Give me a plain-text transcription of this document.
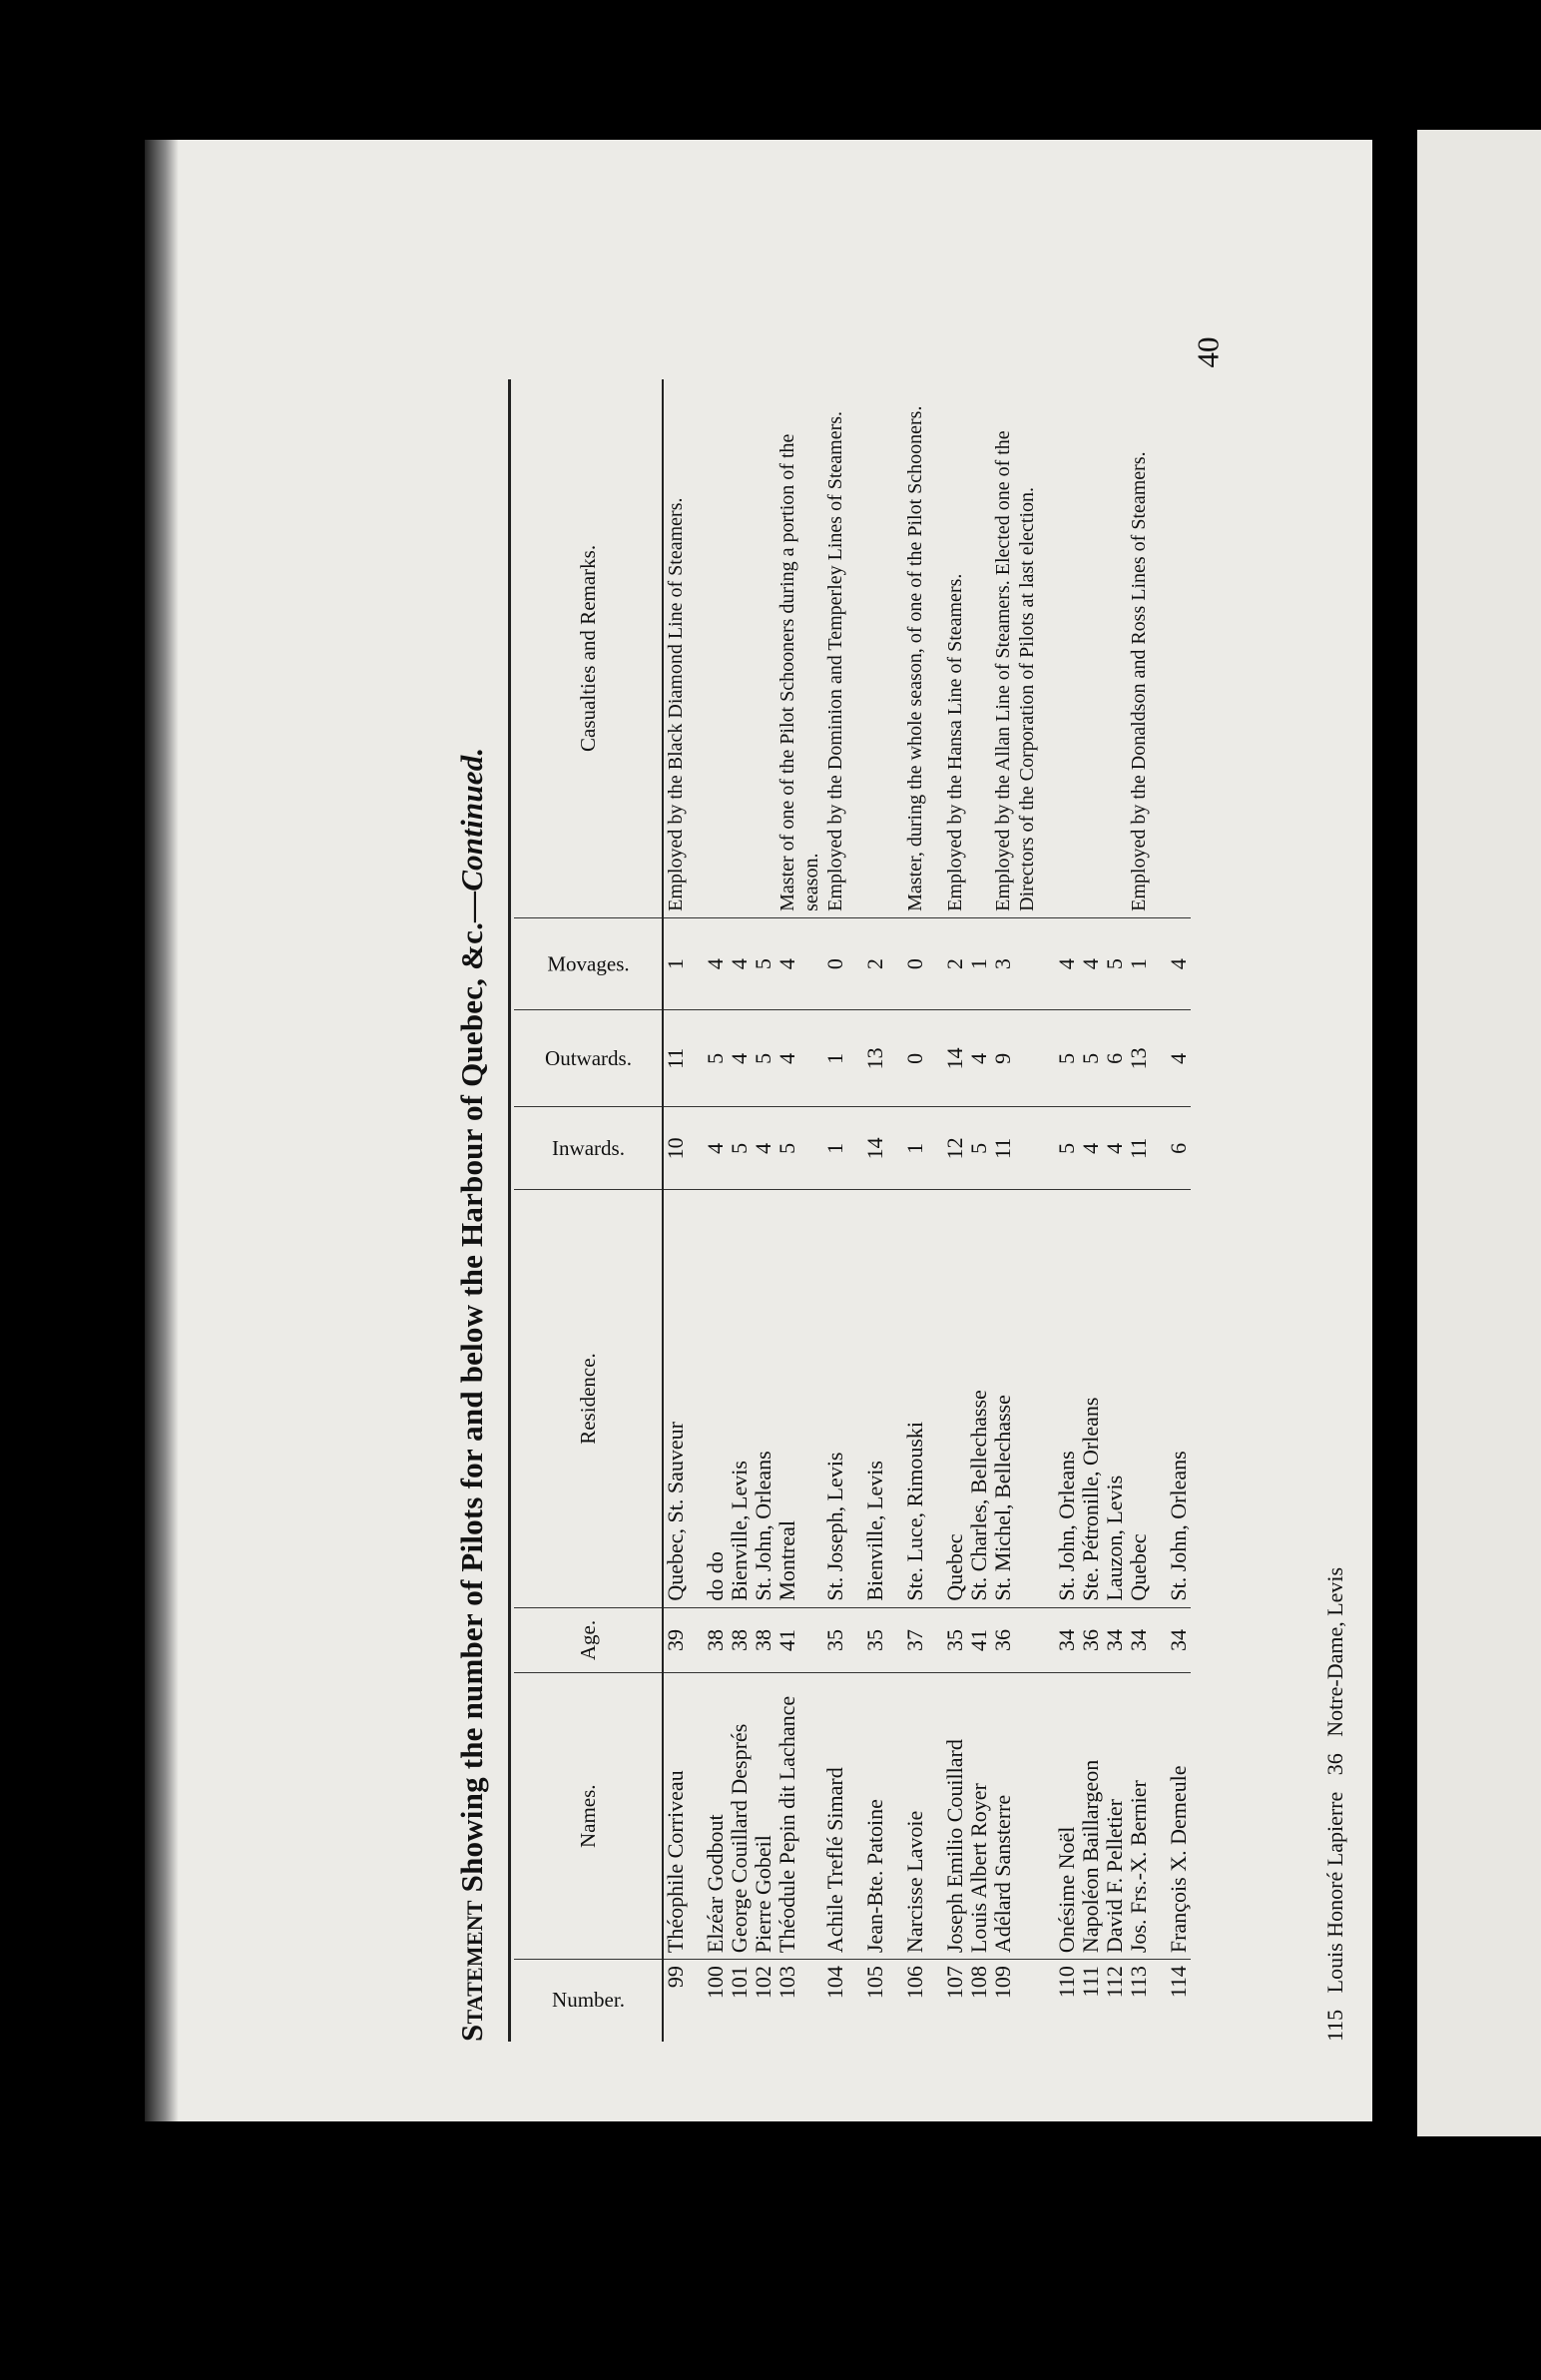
40
Statement Showing the number of Pilots for and below the Harbour of Quebec, &c.—Continued.
Number.	Names.	Age.	Residence.	Inwards.	Outwards.	Movages.	Casualties and Remarks.
99	Théophile Corriveau	39	Quebec, St. Sauveur	10	11	1	Employed by the Black Diamond Line of Steamers.

100	Elzéar Godbout	38	do do	4	5	4	
101	George Couillard Després	38	Bienville, Levis	5	4	4	
102	Pierre Gobeil	38	St. John, Orleans	4	5	5	
103	Théodule Pepin dit Lachance	41	Montreal	5	4	4	Master of one of the Pilot Schooners during a portion of the season.
104	Achile Treflé Simard	35	St. Joseph, Levis	1	1	0	Employed by the Dominion and Temperley Lines of Steamers.

105	Jean-Bte. Patoine	35	Bienville, Levis	14	13	2	

106	Narcisse Lavoie	37	Ste. Luce, Rimouski	1	0	0	Master, during the whole season, of one of the Pilot Schooners.

107	Joseph Emilio Couillard	35	Quebec	12	14	2	Employed by the Hansa Line of Steamers.
108	Louis Albert Royer	41	St. Charles, Bellechasse	5	4	1	
109	Adélard Sansterre	36	St. Michel, Bellechasse	11	9	3	Employed by the Allan Line of Steamers. Elected one of the Directors of the Corporation of Pilots at last election.

110	Onésime Noël	34	St. John, Orleans	5	5	4	
111	Napoléon Baillargeon	36	Ste. Pétronille, Orleans	4	5	4	
112	David F. Pelletier	34	Lauzon, Levis	4	6	5	
113	Jos. Frs.-X. Bernier	34	Quebec	11	13	1	Employed by the Donaldson and Ross Lines of Steamers.

114	François X. Demeule	34	St. John, Orleans	6	4	4	
115   Louis Honoré Lapierre   36   Notre-Dame, Levis
